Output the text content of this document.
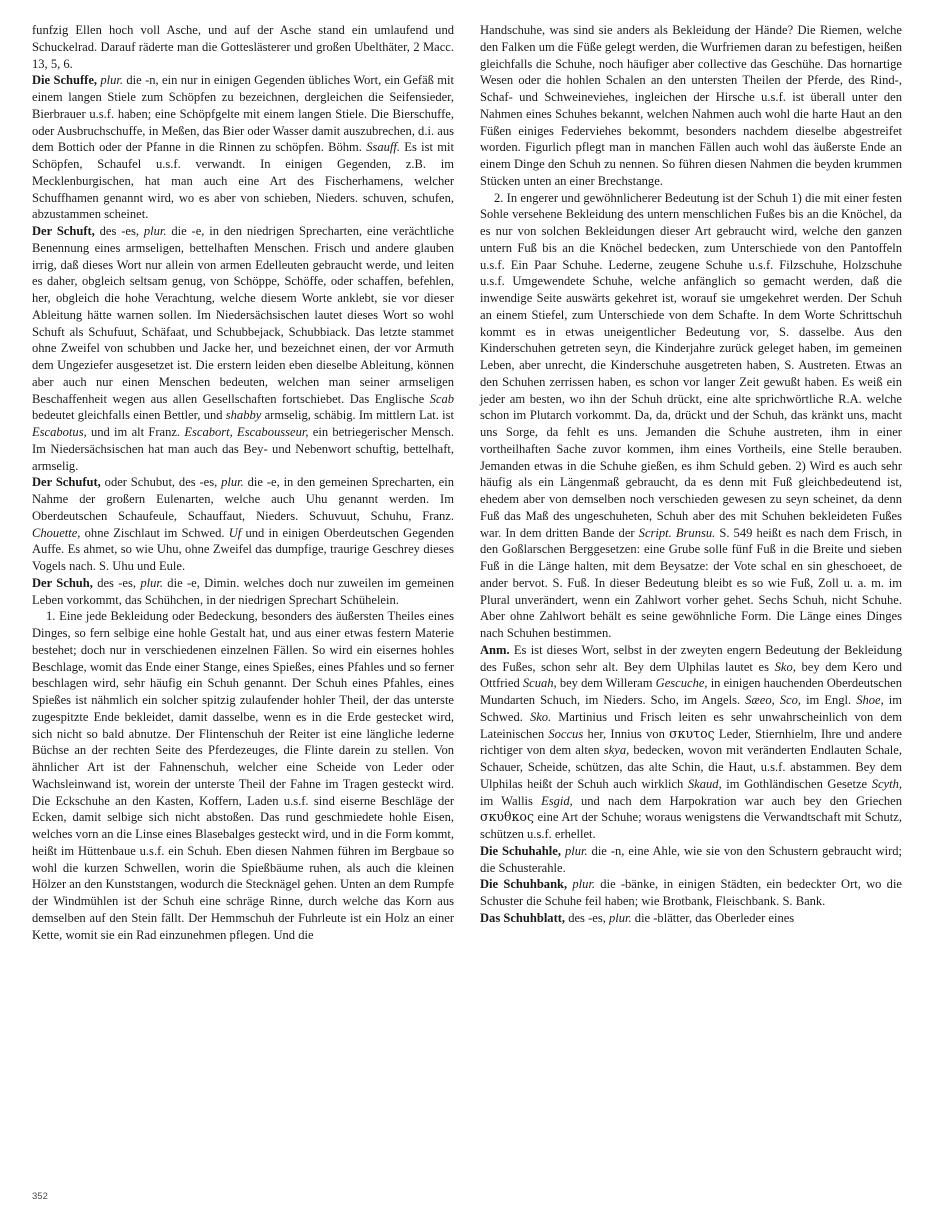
funfzig Ellen hoch voll Asche, und auf der Asche stand ein umlaufend und Schuckelrad. Darauf räderte man die Gotteslästerer und großen Ubelthäter, 2 Macc. 13, 5, 6.

Die Schuffe, plur. die -n, ein nur in einigen Gegenden übliches Wort, ein Gefäß mit einem langen Stiele zum Schöpfen zu bezeichnen, dergleichen die Seifensieder, Bierbrauer u.s.f. haben; eine Schöpfgelte mit einem langen Stiele. Die Bierschuffe, oder Ausbruchschuffe, in Meßen, das Bier oder Wasser damit auszubrechen, d.i. aus dem Bottich oder der Pfanne in die Rinnen zu schöpfen. Böhm. Ssauff. Es ist mit Schöpfen, Schaufel u.s.f. verwandt. In einigen Gegenden, z.B. im Mecklenburgischen, hat man auch eine Art des Fischerhamens, welcher Schuffhamen genannt wird, wo es aber von schieben, Nieders. schuven, schufen, abzustammen scheinet.

Der Schuft, des -es, plur. die -e, in den niedrigen Sprecharten, eine verächtliche Benennung eines armseligen, bettelhaften Menschen. Frisch und andere glauben irrig, daß dieses Wort nur allein von armen Edelleuten gebraucht werde, und leiten es daher, obgleich seltsam genug, von Schöppe, Schöffe, oder schaffen, befehlen, her, obgleich die hohe Verachtung, welche diesem Worte anklebt, sie vor dieser Ableitung hätte warnen sollen. Im Niedersächsischen lautet dieses Wort so wohl Schuft als Schufuut, Schäfaat, und Schubbejack, Schubbiack. Das letzte stammet ohne Zweifel von schubben und Jacke her, und bezeichnet einen, der vor Armuth dem Ungeziefer ausgesetzet ist. Die erstern leiden eben dieselbe Ableitung, können aber auch nur einen Menschen bedeuten, welchen man seiner armseligen Beschaffenheit wegen aus allen Gesellschaften fortschiebet. Das Englische Scab bedeutet gleichfalls einen Bettler, und shabby armselig, schäbig. Im mittlern Lat. ist Escabotus, und im alt Franz. Escabort, Escabousseur, ein betriegerischer Mensch. Im Niedersächsischen hat man auch das Bey- und Nebenwort schuftig, bettelhaft, armselig.

Der Schufut, oder Schubut, des -es, plur. die -e, in den gemeinen Sprecharten, ein Nahme der großern Eulenarten, welche auch Uhu genannt werden. Im Oberdeutschen Schaufeule, Schauffaut, Nieders. Schuvuut, Schuhu, Franz. Chouette, ohne Zischlaut im Schwed. Uf und in einigen Oberdeutschen Gegenden Auffe. Es ahmet, so wie Uhu, ohne Zweifel das dumpfige, traurige Geschrey dieses Vogels nach. S. Uhu und Eule.

Der Schuh, des -es, plur. die -e, Dimin. welches doch nur zuweilen im gemeinen Leben vorkommt, das Schühchen, in der niedrigen Sprechart Schühelein.

1. Eine jede Bekleidung oder Bedeckung, besonders des äußersten Theiles eines Dinges, so fern selbige eine hohle Gestalt hat, und aus einer etwas festern Materie bestehet; doch nur in verschiedenen einzelnen Fällen. So wird ein eisernes hohles Beschlage, womit das Ende einer Stange, eines Spießes, eines Pfahles und so ferner beschlagen wird, sehr häufig ein Schuh genannt. Der Schuh eines Pfahles, eines Spießes ist nähmlich ein solcher spitzig zulaufender hohler Theil, der das unterste zugespitzte Ende bekleidet, damit dasselbe, wenn es in die Erde gestecket wird, sich nicht so bald abnutze. Der Flintenschuh der Reiter ist eine längliche lederne Büchse an der rechten Seite des Pferdezeuges, die Flinte darein zu stellen. Von ähnlicher Art ist der Fahnenschuh, welcher eine Scheide von Leder oder Wachsleinwand ist, worein der unterste Theil der Fahne im Tragen gesteckt wird. Die Eckschuhe an den Kasten, Koffern, Laden u.s.f. sind eiserne Beschläge der Ecken, damit selbige sich nicht abstoßen. Das rund geschmiedete hohle Eisen, welches vorn an die Linse eines Blasebalges gesteckt wird, und in die Form kommt, heißt im Hüttenbaue u.s.f. ein Schuh. Eben diesen Nahmen führen im Bergbaue so wohl die kurzen Schwellen, worin die Spießbäume ruhen, als auch die kleinen Hölzer an den Kunststangen, wodurch die Stecknägel gehen. Unten an dem Rumpfe der Windmühlen ist der Schuh eine schräge Rinne, durch welche das Korn aus demselben auf den Stein fällt. Der Hemmschuh der Fuhrleute ist ein Holz an einer Kette, womit sie ein Rad einzunehmen pflegen. Und die

Handschuhe, was sind sie anders als Bekleidung der Hände? Die Riemen, welche den Falken um die Füße gelegt werden, die Wurfriemen daran zu befestigen, heißen gleichfalls die Schuhe, noch häufiger aber collective das Geschühe. Das hornartige Wesen oder die hohlen Schalen an den untersten Theilen der Pferde, des Rind-, Schaf- und Schweineviehes, ingleichen der Hirsche u.s.f. ist überall unter den Nahmen eines Schuhes bekannt, welchen Nahmen auch wohl die harte Haut an den Füßen einiges Federviehes bekommt, besonders nachdem dieselbe abgestreifet worden. Figurlich pflegt man in manchen Fällen auch wohl das äußerste Ende an einem Dinge den Schuh zu nennen. So führen diesen Nahmen die beyden krummen Stücken unten an einer Brechstange.

2. In engerer und gewöhnlicherer Bedeutung ist der Schuh 1) die mit einer festen Sohle versehene Bekleidung des untern menschlichen Fußes bis an die Knöchel, da es nur von solchen Bekleidungen dieser Art gebraucht wird, welche den ganzen untern Fuß bis an die Knöchel bedecken, zum Unterschiede von den Pantoffeln u.s.f. Ein Paar Schuhe. Lederne, zeugene Schuhe u.s.f. Filzschuhe, Holzschuhe u.s.f. Umgewendete Schuhe, welche anfänglich so gemacht werden, daß die inwendige Seite auswärts gekehret ist, worauf sie umgekehret werden. Der Schuh an einem Stiefel, zum Unterschiede von dem Schafte. In dem Worte Schrittschuh kommt es in etwas uneigentlicher Bedeutung vor, S. dasselbe. Aus den Kinderschuhen getreten seyn, die Kinderjahre zurück geleget haben, im gemeinen Leben, aber unrecht, die Kinderschuhe ausgetreten haben, S. Austreten. Etwas an den Schuhen zerrissen haben, es schon vor langer Zeit gewußt haben. Es weiß ein jeder am besten, wo ihn der Schuh drückt, eine alte sprichwörtliche R.A. welche schon im Plutarch vorkommt. Da, da, drückt und der Schuh, das kränkt uns, macht uns Sorge, da fehlt es uns. Jemanden die Schuhe austreten, ihm in einer vortheilhaften Sache zuvor kommen, ihm eines Vortheils, eine Stelle berauben. Jemanden etwas in die Schuhe gießen, es ihm Schuld geben. 2) Wird es auch sehr häufig als ein Längenmaß gebraucht, da es denn mit Fuß gleichbedeutend ist, ehedem aber von demselben noch verschieden gewesen zu seyn scheinet, da denn Fuß das Maß des ungeschuheten, Schuh aber des mit Schuhen bekleideten Fußes war. In dem dritten Bande der Script. Brunsu. S. 549 heißt es nach dem Frisch, in den Goßlarschen Berggesetzen: eine Grube solle fünf Fuß in die Breite und sieben Fuß in die Länge halten, mit dem Beysatze: der Vote schal en sin gheschoeet, de ander bervot. S. Fuß. In dieser Bedeutung bleibt es so wie Fuß, Zoll u. a. m. im Plural unverändert, wenn ein Zahlwort vorher gehet. Sechs Schuh, nicht Schuhe. Aber ohne Zahlwort behält es seine gewöhnliche Form. Die Länge eines Dinges nach Schuhen bestimmen.

Anm. Es ist dieses Wort, selbst in der zweyten engern Bedeutung der Bekleidung des Fußes, schon sehr alt. Bey dem Ulphilas lautet es Sko, bey dem Kero und Ottfried Scuah, bey dem Willeram Gescuche, in einigen hauchenden Oberdeutschen Mundarten Schuch, im Nieders. Scho, im Angels. Sæeo, Sco, im Engl. Shoe, im Schwed. Sko. Martinius und Frisch leiten es sehr unwahrscheinlich von dem Lateinischen Soccus her, Innius von σκυτος Leder, Stiernhielm, Ihre und andere richtiger von dem alten skya, bedecken, wovon mit veränderten Endlauten Schale, Schauer, Scheide, schützen, das alte Schin, die Haut, u.s.f. abstammen. Bey dem Ulphilas heißt der Schuh auch wirklich Skaud, im Gothländischen Gesetze Scyth, im Wallis Esgid, und nach dem Harpokration war auch bey den Griechen σκυθκος eine Art der Schuhe; woraus wenigstens die Verwandtschaft mit Schutz, schützen u.s.f. erhellet.

Die Schuhahle, plur. die -n, eine Ahle, wie sie von den Schustern gebraucht wird; die Schusterahle.

Die Schuhbank, plur. die -bänke, in einigen Städten, ein bedeckter Ort, wo die Schuster die Schuhe feil haben; wie Brotbank, Fleischbank. S. Bank.

Das Schuhblatt, des -es, plur. die -blätter, das Oberleder eines

352
